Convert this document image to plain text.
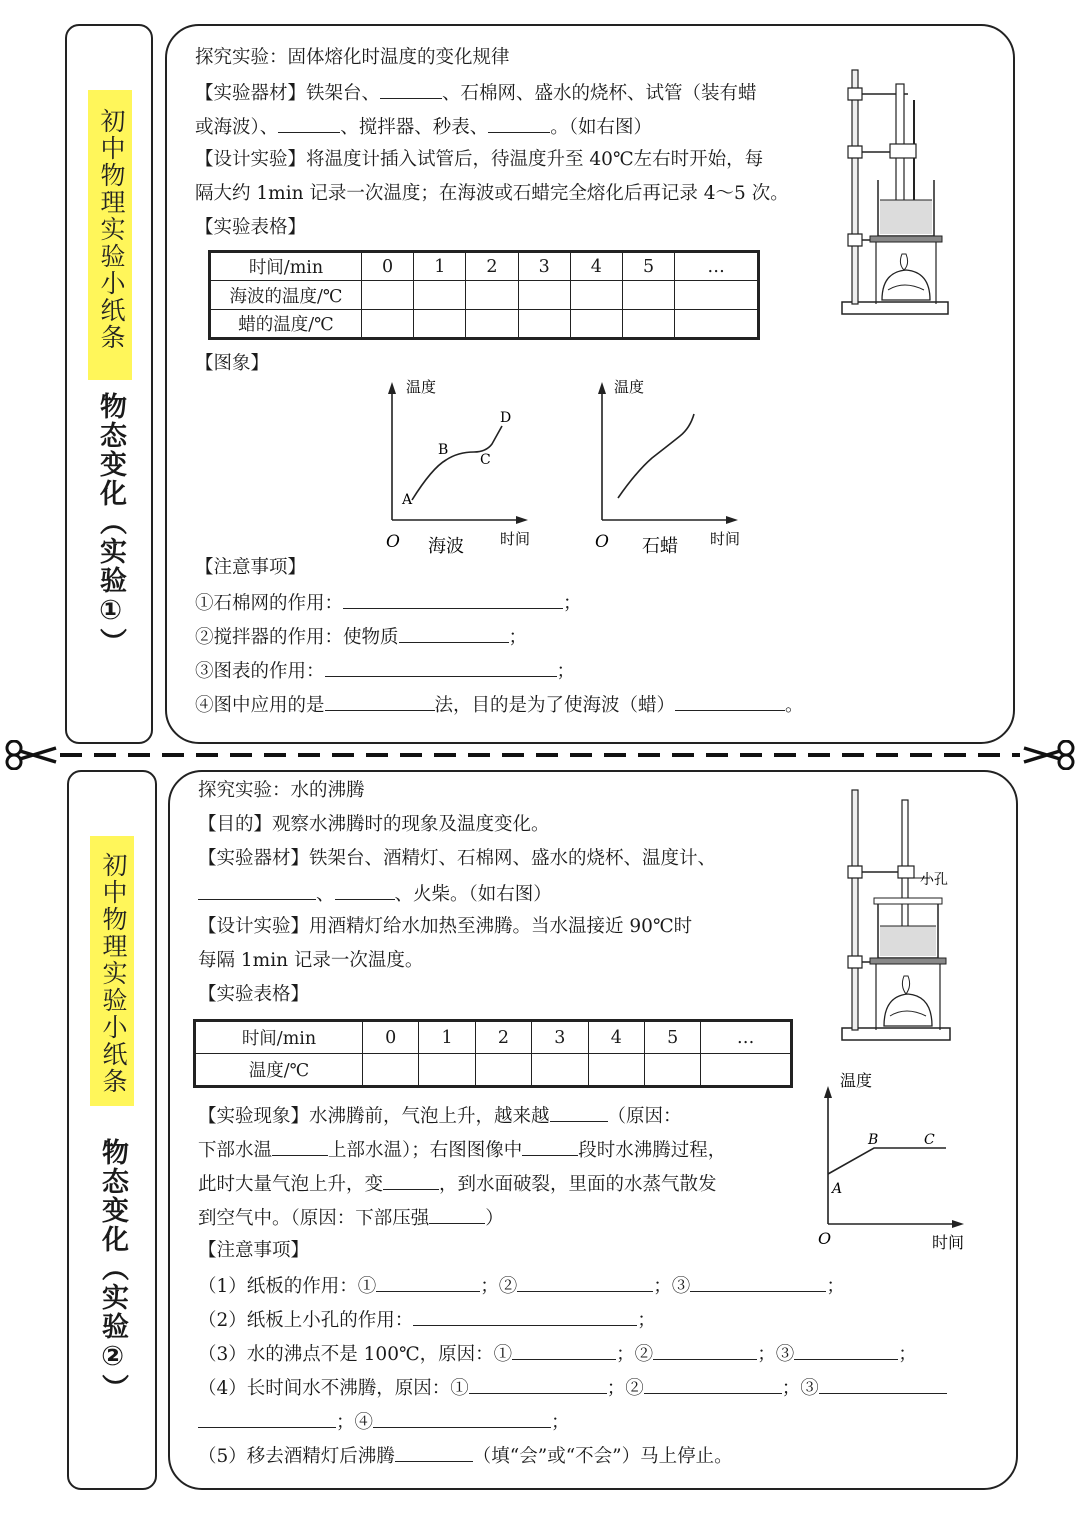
初中物理实验小纸条
物态变化（实验①）
探究实验：固体熔化时温度的变化规律
【实验器材】铁架台、	、石棉网、盛水的烧杯、试管（装有蜡
或海波）、	、搅拌器、秒表、	。（如右图）
【设计实验】将温度计插入试管后，待温度升至 40℃左右时开始，每
隔大约 1min 记录一次温度；在海波或石蜡完全熔化后再记录 4～5 次。
【实验表格】
时间/min	0	1	2	3	4	5	…
海波的温度/℃							
蜡的温度/℃							
【图象】
温度
时间
O 海波
A
B
C
D
温度
时间
O 石蜡
【注意事项】
①石棉网的作用：	；
②搅拌器的作用：使物质	；
③图表的作用：	；
④图中应用的是	法，目的是为了使海波（蜡）	。
初中物理实验小纸条
物态变化（实验②）
探究实验：水的沸腾
【目的】观察水沸腾时的现象及温度变化。
【实验器材】铁架台、酒精灯、石棉网、盛水的烧杯、温度计、
、	、火柴。（如右图）
【设计实验】用酒精灯给水加热至沸腾。当水温接近 90℃时
每隔 1min 记录一次温度。
【实验表格】
时间/min	0	1	2	3	4	5	…
温度/℃							
【实验现象】水沸腾前，气泡上升，越来越	（原因：
下部水温	上部水温）；右图图像中	段时水沸腾过程，
此时大量气泡上升，变	，到水面破裂，里面的水蒸气散发
到空气中。（原因：下部压强	）
【注意事项】
（1）纸板的作用：①	；②	；③	；
（2）纸板上小孔的作用：	；
（3）水的沸点不是 100℃，原因：①	；②	；③	；
（4）长时间水不沸腾，原因：①	；②	；③
；④	；
（5）移去酒精灯后沸腾	（填“会”或“不会”）马上停止。
小孔
温度
时间
O
A
B	C
